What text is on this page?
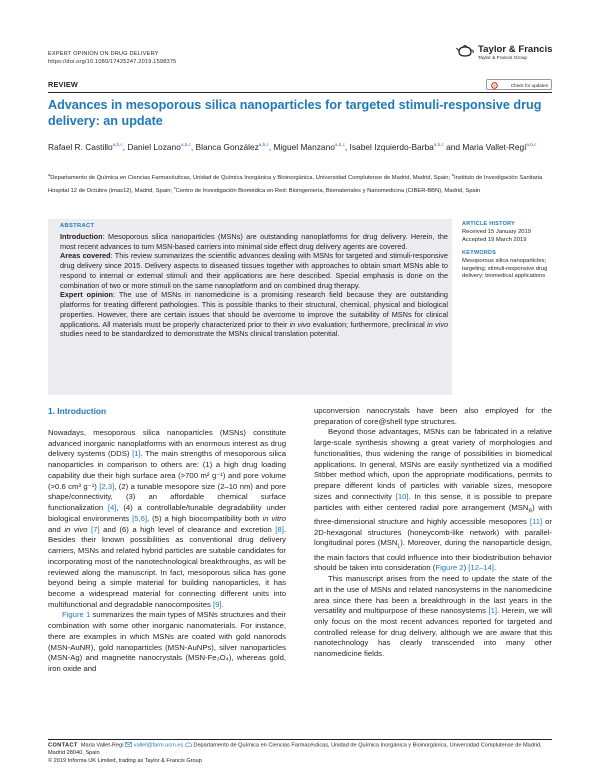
EXPERT OPINION ON DRUG DELIVERY
https://doi.org/10.1080/17425247.2019.1598375
Taylor & Francis
Taylor & Francis Group
REVIEW	Check for updates
Advances in mesoporous silica nanoparticles for targeted stimuli-responsive drug delivery: an update
Rafael R. Castillo$^{a,b,c}$, Daniel Lozano$^{a,b,c}$, Blanca González$^{a,b,c}$, Miguel Manzano$^{a,b,c}$, Isabel Izquierdo-Barba$^{a,b,c}$ and Maria Vallet-Regí$^{a,b,c}$
$^a$Departamento de Química en Ciencias Farmacéuticas, Unidad de Química Inorgánica y Bioinorgánica, Universidad Complutense de Madrid, Madrid, Spain; $^b$Instituto de Investigación Sanitaria Hospital 12 de Octubre (imas12), Madrid, Spain; $^c$Centro de Investigación Biomédica en Red: Bioingeniería, Biomateriales y Nanomedicina (CIBER-BBN), Madrid, Spain
ABSTRACT

Introduction: Mesoporous silica nanoparticles (MSNs) are outstanding nanoplatforms for drug delivery. Herein, the most recent advances to turn MSN-based carriers into minimal side effect drug delivery agents are covered.

Areas covered: This review summarizes the scientific advances dealing with MSNs for targeted and stimuli-responsive drug delivery since 2015. Delivery aspects to diseased tissues together with approaches to obtain smart MSNs able to respond to internal or external stimuli and their applications are here described. Special emphasis is done on the combination of two or more stimuli on the same nanoplatform and on combined drug therapy.

Expert opinion: The use of MSNs in nanomedicine is a promising research field because they are outstanding platforms for treating different pathologies. This is possible thanks to their structural, chemical, physical and biological properties. However, there are certain issues that should be overcome to improve the suitability of MSNs for clinical applications. All materials must be properly characterized prior to their in vivo evaluation; furthermore, preclinical in vivo studies need to be standardized to demonstrate the MSNs clinical translation potential.

ARTICLE HISTORY
Received 15 January 2019
Accepted 19 March 2019
KEYWORDS
Mesoporous silica nanoparticles; targeting; stimuli-responsive drug delivery; biomedical applications

1. Introduction

Nowadays, mesoporous silica nanoparticles (MSNs) constitute advanced inorganic nanoplatforms with an enormous interest as drug delivery systems (DDS) [1]. The main strengths of mesoporous silica nanoparticles in comparison to others are: (1) a high drug loading capability due their high surface area (>700 m² g⁻¹) and pore volume (>0.6 cm³ g⁻¹) [2,3], (2) a tunable mesopore size (2–10 nm) and pore shape/connectivity, (3) an affordable chemical surface functionalization [4], (4) a controllable/tunable degradability under biological environments [5,6], (5) a high biocompatibility both in vitro and in vivo [7] and (6) a high level of clearance and excretion [8]. Besides their known possibilities as conventional drug delivery carriers, MSNs and related hybrid particles are suitable candidates for incorporating most of the nanotechnological breakthroughs, as will be reviewed along the manuscript. In fact, mesoporous silica has gone beyond being a simple material for building nanoparticles, it has become a widespread material for connecting different units into multifunctional and degradable nanocomposites [9].

Figure 1 summarizes the main types of MSNs structures and their combination with some other inorganic nanomaterials. For instance, there are examples in which MSNs are coated with gold nanorods (MSN-AuNR), gold nanoparticles (MSN-AuNPs), silver nanoparticles (MSN-Ag) and magnetite nanocrystals (MSN-Fe₃O₄), whereas gold, iron oxide and

upconversion nanocrystals have been also employed for the preparation of core@shell type structures.

Beyond those advantages, MSNs can be fabricated in a relative large-scale synthesis showing a great variety of morphologies and functionalities, thus widening the range of possibilities in biomedical applications. In general, MSNs are easily synthetized via a modified Stöber method which, upon the appropriate modifications, permits to prepare different kinds of particles with variable sizes, mesopore sizes and connectivity [10]. In this sense, it is possible to prepare particles with either centered radial pore arrangement $(MSN_R)$ with three-dimensional structure and highly accessible mesopores [11] or 2D-hexagonal structures (honeycomb-like network) with parallel-longitudinal pores $(MSN_L)$. Moreover, during the nanoparticle design, the main factors that could influence into their biodistribution behavior should be taken into consideration (Figure 2) [12–14].

This manuscript arises from the need to update the state of the art in the use of MSNs and related nanosystems in the nanomedicine area since there has been a breakthrough in the last years in the versatility and multipurpose of these nanosystems [1]. Herein, we will only focus on the most recent advances reported for targeted and controlled release for drug delivery, although we are aware that this nanotechnology has clearly transcended into many other nanomedicine fields.

CONTACT Maria Vallet-Regí vallet@farm.ucm.es Departamento de Química en Ciencias Farmacéuticas, Unidad de Química Inorgánica y Bioinorgánica, Universidad Complutense de Madrid, Madrid 28040, Spain
© 2019 Informa UK Limited, trading as Taylor & Francis Group
